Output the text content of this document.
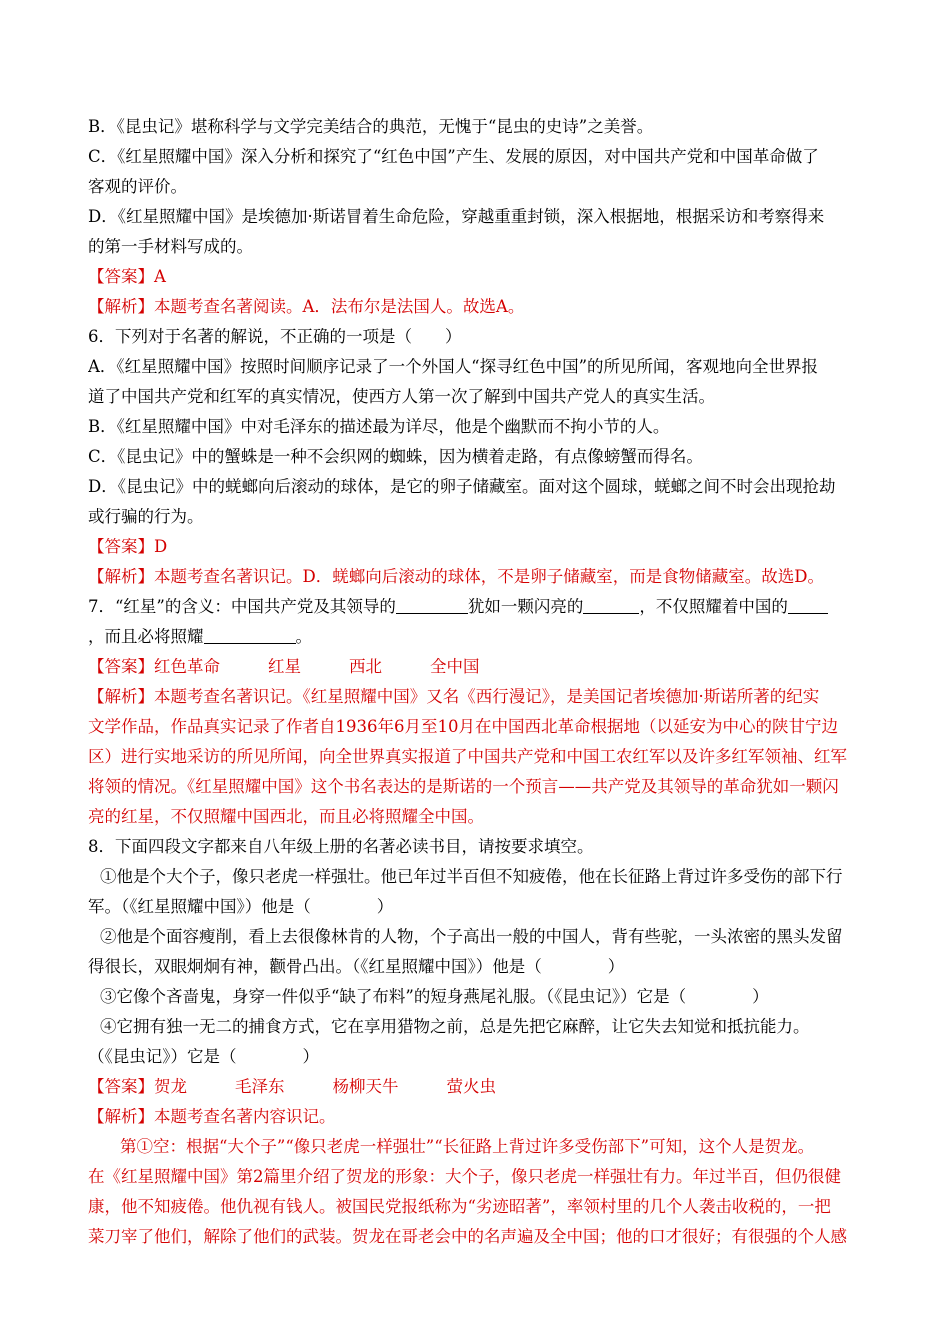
B．《昆虫记》堪称科学与文学完美结合的典范，无愧于“昆虫的史诗”之美誉。
C．《红星照耀中国》深入分析和探究了“红色中国”产生、发展的原因，对中国共产党和中国革命做了
客观的评价。
D．《红星照耀中国》是埃德加·斯诺冒着生命危险，穿越重重封锁，深入根据地，根据采访和考察得来
的第一手材料写成的。
【答案】A
【解析】本题考查名著阅读。A．法布尔是法国人。故选A。
6．下列对于名著的解说，不正确的一项是（　　）
A．《红星照耀中国》按照时间顺序记录了一个外国人“探寻红色中国”的所见所闻，客观地向全世界报
道了中国共产党和红军的真实情况，使西方人第一次了解到中国共产党人的真实生活。
B．《红星照耀中国》中对毛泽东的描述最为详尽，他是个幽默而不拘小节的人。
C．《昆虫记》中的蟹蛛是一种不会织网的蜘蛛，因为横着走路，有点像螃蟹而得名。
D．《昆虫记》中的蜣螂向后滚动的球体，是它的卵子储藏室。面对这个圆球，蜣螂之间不时会出现抢劫
或行骗的行为。
【答案】D
【解析】本题考查名著识记。D．蜣螂向后滚动的球体，不是卵子储藏室，而是食物储藏室。故选D。
7．“红星”的含义：中国共产党及其领导的	犹如一颗闪亮的	，不仅照耀着中国的
，而且必将照耀	。
【答案】红色革命	红星	西北	全中国
【解析】本题考查名著识记。《红星照耀中国》又名《西行漫记》，是美国记者埃德加·斯诺所著的纪实
文学作品，作品真实记录了作者自1936年6月至10月在中国西北革命根据地（以延安为中心的陕甘宁边
区）进行实地采访的所见所闻，向全世界真实报道了中国共产党和中国工农红军以及许多红军领袖、红军
将领的情况。《红星照耀中国》这个书名表达的是斯诺的一个预言——共产党及其领导的革命犹如一颗闪
亮的红星，不仅照耀中国西北，而且必将照耀全中国。
8．下面四段文字都来自八年级上册的名著必读书目，请按要求填空。
①他是个大个子，像只老虎一样强壮。他已年过半百但不知疲倦，他在长征路上背过许多受伤的部下行
军。（《红星照耀中国》）他是（　　　　）
②他是个面容瘦削，看上去很像林肯的人物，个子高出一般的中国人，背有些驼，一头浓密的黑头发留
得很长，双眼炯炯有神，颧骨凸出。（《红星照耀中国》）他是（　　　　）
③它像个吝啬鬼，身穿一件似乎“缺了布料”的短身燕尾礼服。（《昆虫记》）它是（　　　　）
④它拥有独一无二的捕食方式，它在享用猎物之前，总是先把它麻醉，让它失去知觉和抵抗能力。
（《昆虫记》）它是（　　　　）
【答案】贺龙	毛泽东	杨柳天牛	萤火虫
【解析】本题考查名著内容识记。
第①空：根据“大个子”“像只老虎一样强壮”“长征路上背过许多受伤部下”可知，这个人是贺龙。
在《红星照耀中国》第2篇里介绍了贺龙的形象：大个子，像只老虎一样强壮有力。年过半百，但仍很健
康，他不知疲倦。他仇视有钱人。被国民党报纸称为“劣迹昭著”，率领村里的几个人袭击收税的，一把
菜刀宰了他们，解除了他们的武装。贺龙在哥老会中的名声遍及全中国；他的口才很好；有很强的个人感
